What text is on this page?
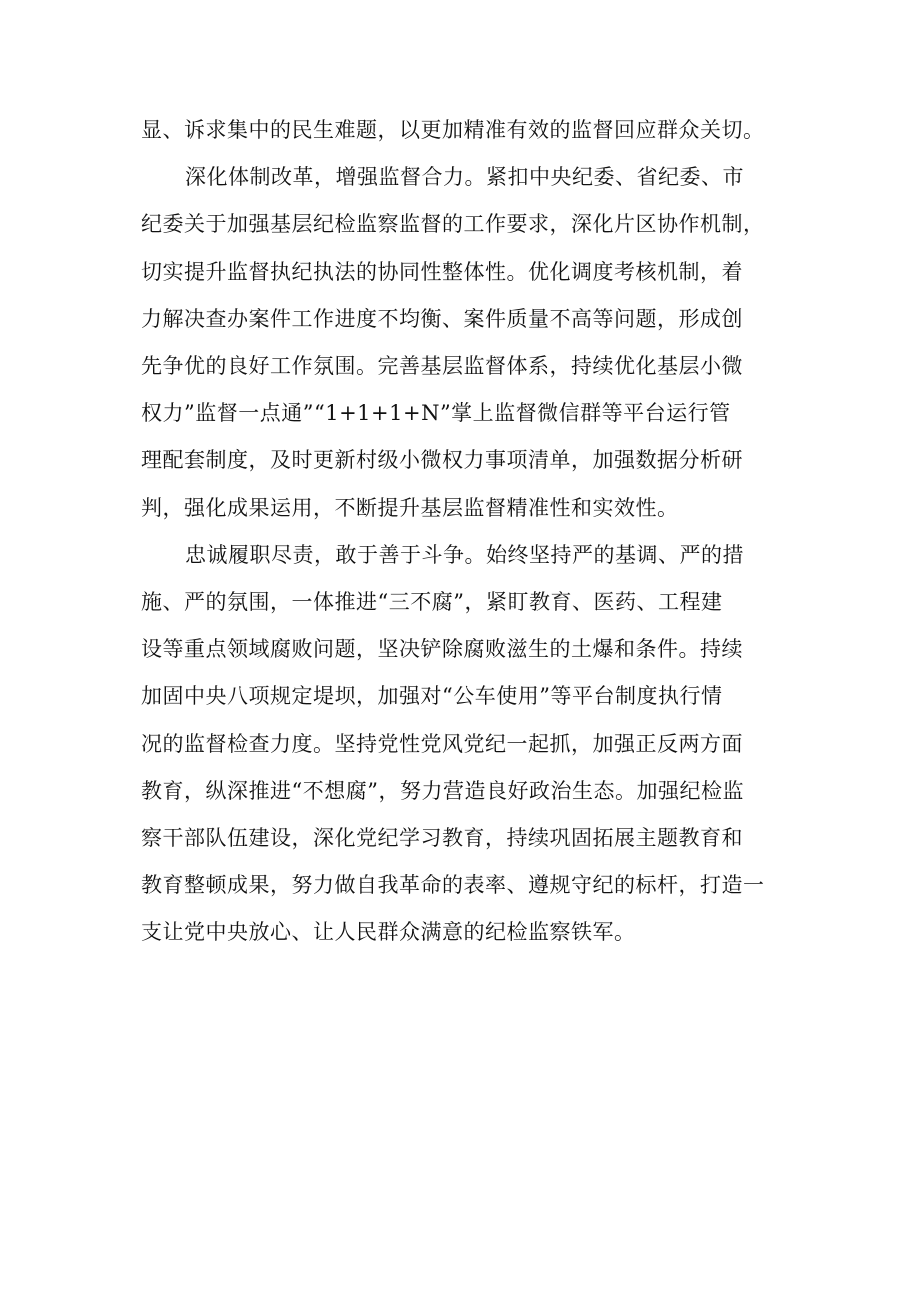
显、诉求集中的民生难题，以更加精准有效的监督回应群众关切。
深化体制改革，增强监督合力。紧扣中央纪委、省纪委、市
纪委关于加强基层纪检监察监督的工作要求，深化片区协作机制，
切实提升监督执纪执法的协同性整体性。优化调度考核机制，着
力解决查办案件工作进度不均衡、案件质量不高等问题，形成创
先争优的良好工作氛围。完善基层监督体系，持续优化基层小微
权力”监督一点通”“1+1+1+N”掌上监督微信群等平台运行管
理配套制度，及时更新村级小微权力事项清单，加强数据分析研
判，强化成果运用，不断提升基层监督精准性和实效性。
忠诚履职尽责，敢于善于斗争。始终坚持严的基调、严的措
施、严的氛围，一体推进“三不腐”，紧盯教育、医药、工程建
设等重点领域腐败问题，坚决铲除腐败滋生的土爆和条件。持续
加固中央八项规定堤坝，加强对“公车使用”等平台制度执行情
况的监督检查力度。坚持党性党风党纪一起抓，加强正反两方面
教育，纵深推进“不想腐”，努力营造良好政治生态。加强纪检监
察干部队伍建设，深化党纪学习教育，持续巩固拓展主题教育和
教育整顿成果，努力做自我革命的表率、遵规守纪的标杆，打造一
支让党中央放心、让人民群众满意的纪检监察铁军。
